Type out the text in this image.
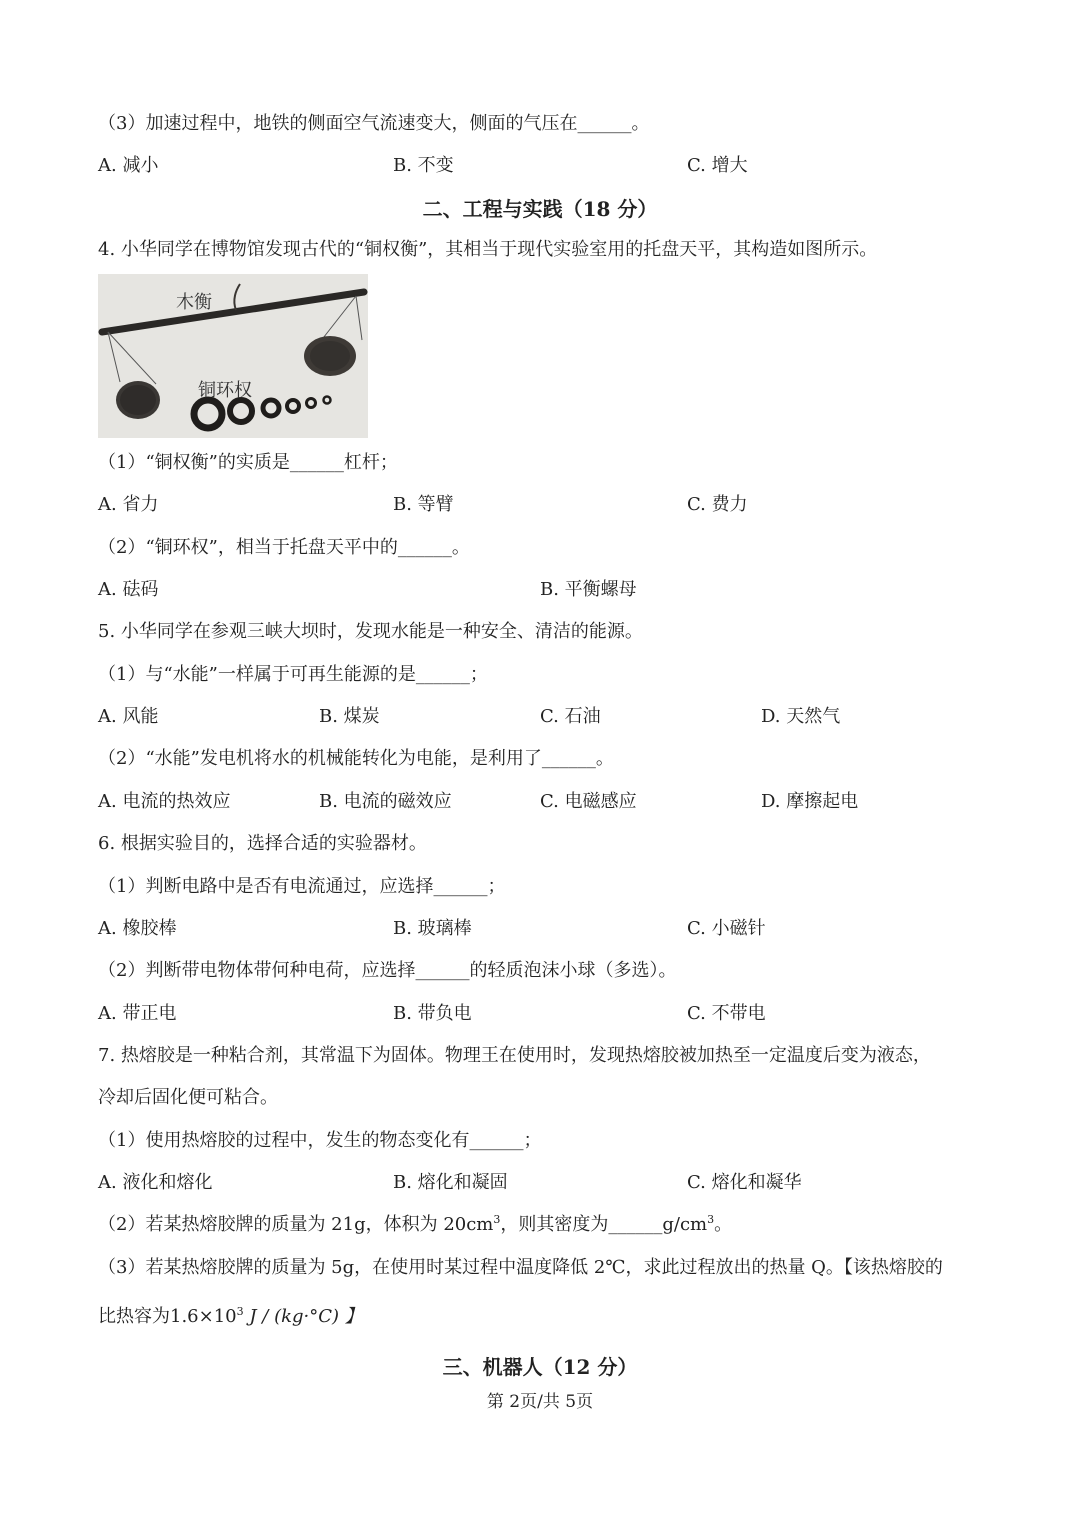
（3）加速过程中，地铁的侧面空气流速变大，侧面的气压在______。
A. 减小	B. 不变	C. 增大
二、工程与实践（18 分）
4. 小华同学在博物馆发现古代的“铜权衡”，其相当于现代实验室用的托盘天平，其构造如图所示。
木衡
铜环权
（1）“铜权衡”的实质是______杠杆；
A. 省力	B. 等臂	C. 费力
（2）“铜环权”，相当于托盘天平中的______。
A. 砝码	B. 平衡螺母
5. 小华同学在参观三峡大坝时，发现水能是一种安全、清洁的能源。
（1）与“水能”一样属于可再生能源的是______；
A. 风能	B. 煤炭	C. 石油	D. 天然气
（2）“水能”发电机将水的机械能转化为电能，是利用了______。
A. 电流的热效应	B. 电流的磁效应	C. 电磁感应	D. 摩擦起电
6. 根据实验目的，选择合适的实验器材。
（1）判断电路中是否有电流通过，应选择______；
A. 橡胶棒	B. 玻璃棒	C. 小磁针
（2）判断带电物体带何种电荷，应选择______的轻质泡沫小球（多选）。
A. 带正电	B. 带负电	C. 不带电
7. 热熔胶是一种粘合剂，其常温下为固体。物理王在使用时，发现热熔胶被加热至一定温度后变为液态，
冷却后固化便可粘合。
（1）使用热熔胶的过程中，发生的物态变化有______；
A. 液化和熔化	B. 熔化和凝固	C. 熔化和凝华
（2）若某热熔胶牌的质量为 21g，体积为 $20cm^3$，则其密度为$\_\_\_\_\_\_g/cm^3$。
（3）若某热熔胶牌的质量为 5g，在使用时某过程中温度降低 2℃，求此过程放出的热量 Q。【该热熔胶的
比热容为$1.6\times 10^3$ J / (kg·°C) 】
三、机器人（12 分）
第 2页/共 5页
